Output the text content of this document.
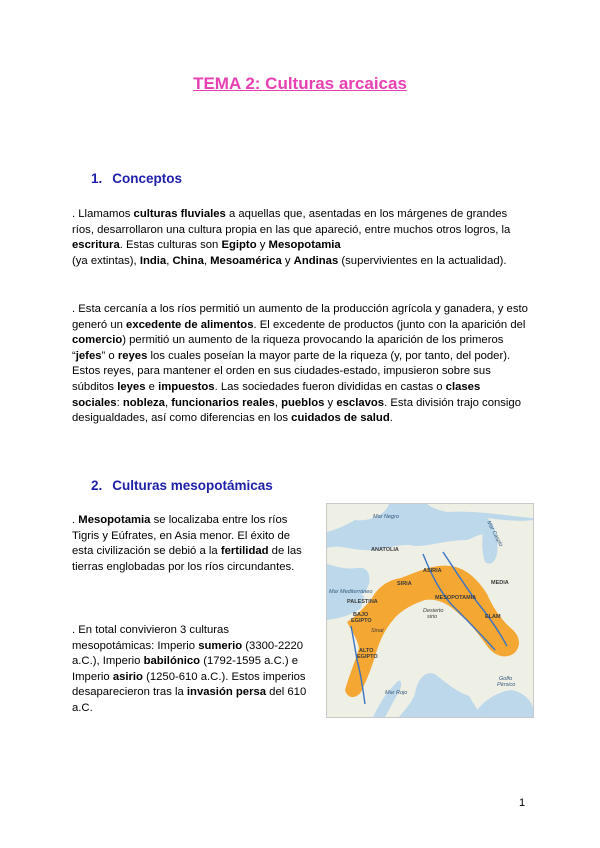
TEMA 2: Culturas arcaicas
1. Conceptos

. Llamamos culturas fluviales a aquellas que, asentadas en los márgenes de grandes ríos, desarrollaron una cultura propia en las que apareció, entre muchos otros logros, la escritura. Estas culturas son Egipto y Mesopotamia
(ya extintas), India, China, Mesoamérica y Andinas (supervivientes en la actualidad).

. Esta cercanía a los ríos permitió un aumento de la producción agrícola y ganadera, y esto generó un excedente de alimentos. El excedente de productos (junto con la aparición del comercio) permitió un aumento de la riqueza provocando la aparición de los primeros “jefes” o reyes los cuales poseían la mayor parte de la riqueza (y, por tanto, del poder).
Estos reyes, para mantener el orden en sus ciudades-estado, impusieron sobre sus súbditos leyes e impuestos. Las sociedades fueron divididas en castas o clases sociales: nobleza, funcionarios reales, pueblos y esclavos. Esta división trajo consigo desigualdades, así como diferencias en los cuidados de salud.

2. Culturas mesopotámicas

. Mesopotamia se localizaba entre los ríos Tigris y Eúfrates, en Asia menor. El éxito de esta civilización se debió a la fertilidad de las tierras englobadas por los ríos circundantes.

. En total convivieron 3 culturas mesopotámicas: Imperio sumerio (3300-2220 a.C.), Imperio babilónico (1792-1595 a.C.) e Imperio asirio (1250-610 a.C.). Estos imperios desaparecieron tras la invasión persa del 610 a.C.

Mar Negro
Mar Caspio
ANATOLIA
ASIRIA
SIRIA	MEDIA
Mar Mediterráneo
PALESTINA
MESOPOTAMIA
Desierto
sirio	ELAM
BAJO
EGIPTO
Sinaí
ALTO
EGIPTO
Golfo
Pérsico
Mar Rojo

1
